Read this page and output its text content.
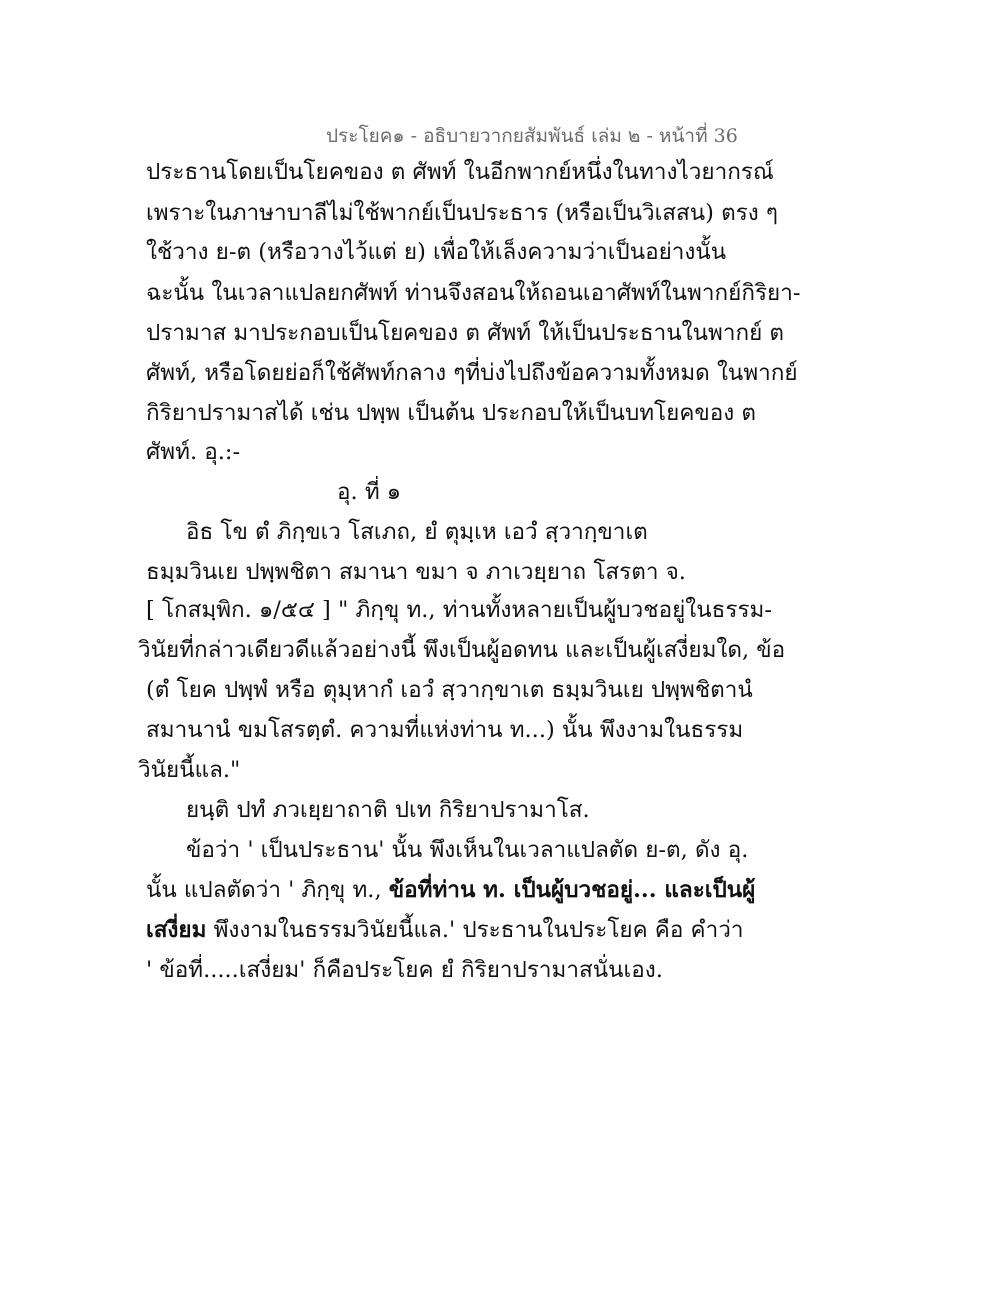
ประโยค๑ - อธิบายวากยสัมพันธ์ เล่ม ๒ - หน้าที่ 36
ประธานโดยเป็นโยคของ ต ศัพท์ ในอีกพากย์หนึ่งในทางไวยากรณ์
เพราะในภาษาบาลีไม่ใช้พากย์เป็นประธาร (หรือเป็นวิเสสน) ตรง ๆ
ใช้วาง ย-ต (หรือวางไว้แต่ ย) เพื่อให้เล็งความว่าเป็นอย่างนั้น
ฉะนั้น ในเวลาแปลยกศัพท์ ท่านจึงสอนให้ถอนเอาศัพท์ในพากย์กิริยา-
ปรามาส มาประกอบเป็นโยคของ ต ศัพท์ ให้เป็นประธานในพากย์ ต
ศัพท์, หรือโดยย่อก็ใช้ศัพท์กลาง ๆที่บ่งไปถึงข้อความทั้งหมด ในพากย์
กิริยาปรามาสได้ เช่น ปพฺพ เป็นต้น ประกอบให้เป็นบทโยคของ ต
ศัพท์. อุ.:-
อุ. ที่ ๑
อิธ โข ตํ ภิกฺขเว โสเภถ, ยํ ตุมฺเห เอวํ สฺวากฺขาเต
ธมฺมวินเย ปพฺพชิตา สมานา ขมา จ ภาเวยฺยาถ โสรตา จ.
[ โกสมฺพิก. ๑/๕๔ ] " ภิกฺขุ ท., ท่านทั้งหลายเป็นผู้บวชอยู่ในธรรม-
วินัยที่กล่าวเดียวดีแล้วอย่างนี้ พึงเป็นผู้อดทน และเป็นผู้เสงี่ยมใด, ข้อ
(ตํ โยค ปพฺพํ หรือ ตุมฺหากํ เอวํ สฺวากฺขาเต ธมฺมวินเย ปพฺพชิตานํ
สมานานํ ขมโสรตฺตํ. ความที่แห่งท่าน ท...) นั้น พึงงามในธรรม
วินัยนี้แล."
ยนฺติ ปทํ ภวเยฺยาถาติ ปเท กิริยาปรามาโส.
ข้อว่า ' เป็นประธาน' นั้น พึงเห็นในเวลาแปลตัด ย-ต, ดัง อุ.
นั้น แปลตัดว่า ' ภิกฺขุ ท., ข้อที่ท่าน ท. เป็นผู้บวชอยู่... และเป็นผู้
เสงี่ยม พึงงามในธรรมวินัยนี้แล.' ประธานในประโยค คือ คำว่า
' ข้อที่.....เสงี่ยม' ก็คือประโยค ยํ กิริยาปรามาสนั่นเอง.
